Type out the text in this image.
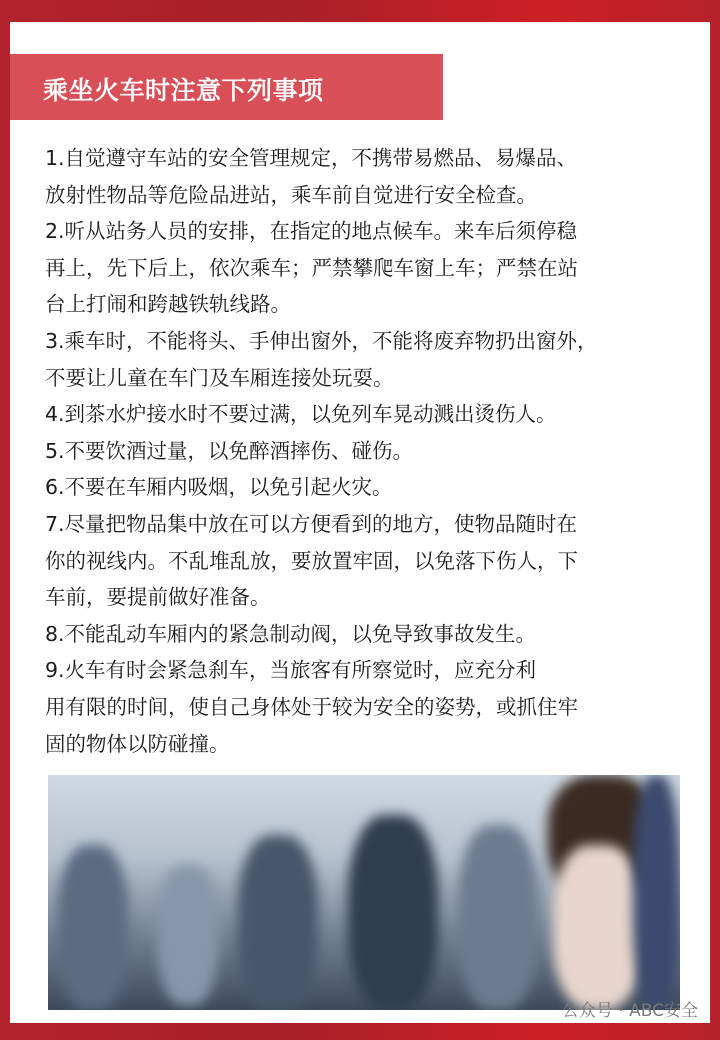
乘坐火车时注意下列事项
1.自觉遵守车站的安全管理规定，不携带易燃品、易爆品、
放射性物品等危险品进站，乘车前自觉进行安全检查。
2.听从站务人员的安排，在指定的地点候车。来车后须停稳
再上，先下后上，依次乘车；严禁攀爬车窗上车；严禁在站
台上打闹和跨越铁轨线路。
3.乘车时，不能将头、手伸出窗外，不能将废弃物扔出窗外，
不要让儿童在车门及车厢连接处玩耍。
4.到茶水炉接水时不要过满，以免列车晃动溅出烫伤人。
5.不要饮酒过量，以免醉酒摔伤、碰伤。
6.不要在车厢内吸烟，以免引起火灾。
7.尽量把物品集中放在可以方便看到的地方，使物品随时在
你的视线内。不乱堆乱放，要放置牢固，以免落下伤人，下
车前，要提前做好准备。
8.不能乱动车厢内的紧急制动阀，以免导致事故发生。
9.火车有时会紧急刹车，当旅客有所察觉时，应充分利
用有限的时间，使自己身体处于较为安全的姿势，或抓住牢
固的物体以防碰撞。
公众号 · ABC安全
